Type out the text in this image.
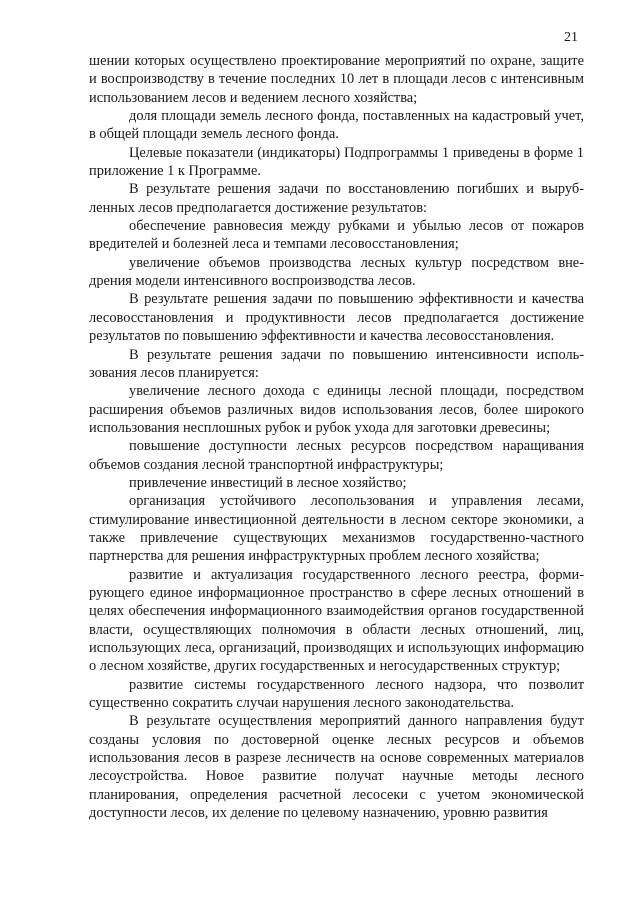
21

шении которых осуществлено проектирование мероприятий по охране, защите и воспроизводству в течение последних 10 лет в площади лесов с интенсивным использованием лесов и ведением лесного хозяйства;

доля площади земель лесного фонда, поставленных на кадастровый учет, в общей площади земель лесного фонда.

Целевые показатели (индикаторы) Подпрограммы 1 приведены в форме 1 приложение 1 к Программе.

В результате решения задачи по восстановлению погибших и вырубленных лесов предполагается достижение результатов:

обеспечение равновесия между рубками и убылью лесов от пожаров вредителей и болезней леса и темпами лесовосстановления;

увеличение объемов производства лесных культур посредством внедрения модели интенсивного воспроизводства лесов.

В результате решения задачи по повышению эффективности и качества лесовосстановления и продуктивности лесов предполагается достижение результатов по повышению эффективности и качества лесовосстановления.

В результате решения задачи по повышению интенсивности использования лесов планируется:

увеличение лесного дохода с единицы лесной площади, посредством расширения объемов различных видов использования лесов, более широкого использования несплошных рубок и рубок ухода для заготовки древесины;

повышение доступности лесных ресурсов посредством наращивания объемов создания лесной транспортной инфраструктуры;

привлечение инвестиций в лесное хозяйство;

организация устойчивого лесопользования и управления лесами, стимулирование инвестиционной деятельности в лесном секторе экономики, а также привлечение существующих механизмов государственно-частного партнерства для решения инфраструктурных проблем лесного хозяйства;

развитие и актуализация государственного лесного реестра, формирующего единое информационное пространство в сфере лесных отношений в целях обеспечения информационного взаимодействия органов государственной власти, осуществляющих полномочия в области лесных отношений, лиц, использующих леса, организаций, производящих и использующих информацию о лесном хозяйстве, других государственных и негосударственных структур;

развитие системы государственного лесного надзора, что позволит существенно сократить случаи нарушения лесного законодательства.

В результате осуществления мероприятий данного направления будут созданы условия по достоверной оценке лесных ресурсов и объемов использования лесов в разрезе лесничеств на основе современных материалов лесоустройства. Новое развитие получат научные методы лесного планирования, определения расчетной лесосеки с учетом экономической доступности лесов, их деление по целевому назначению, уровню развития
